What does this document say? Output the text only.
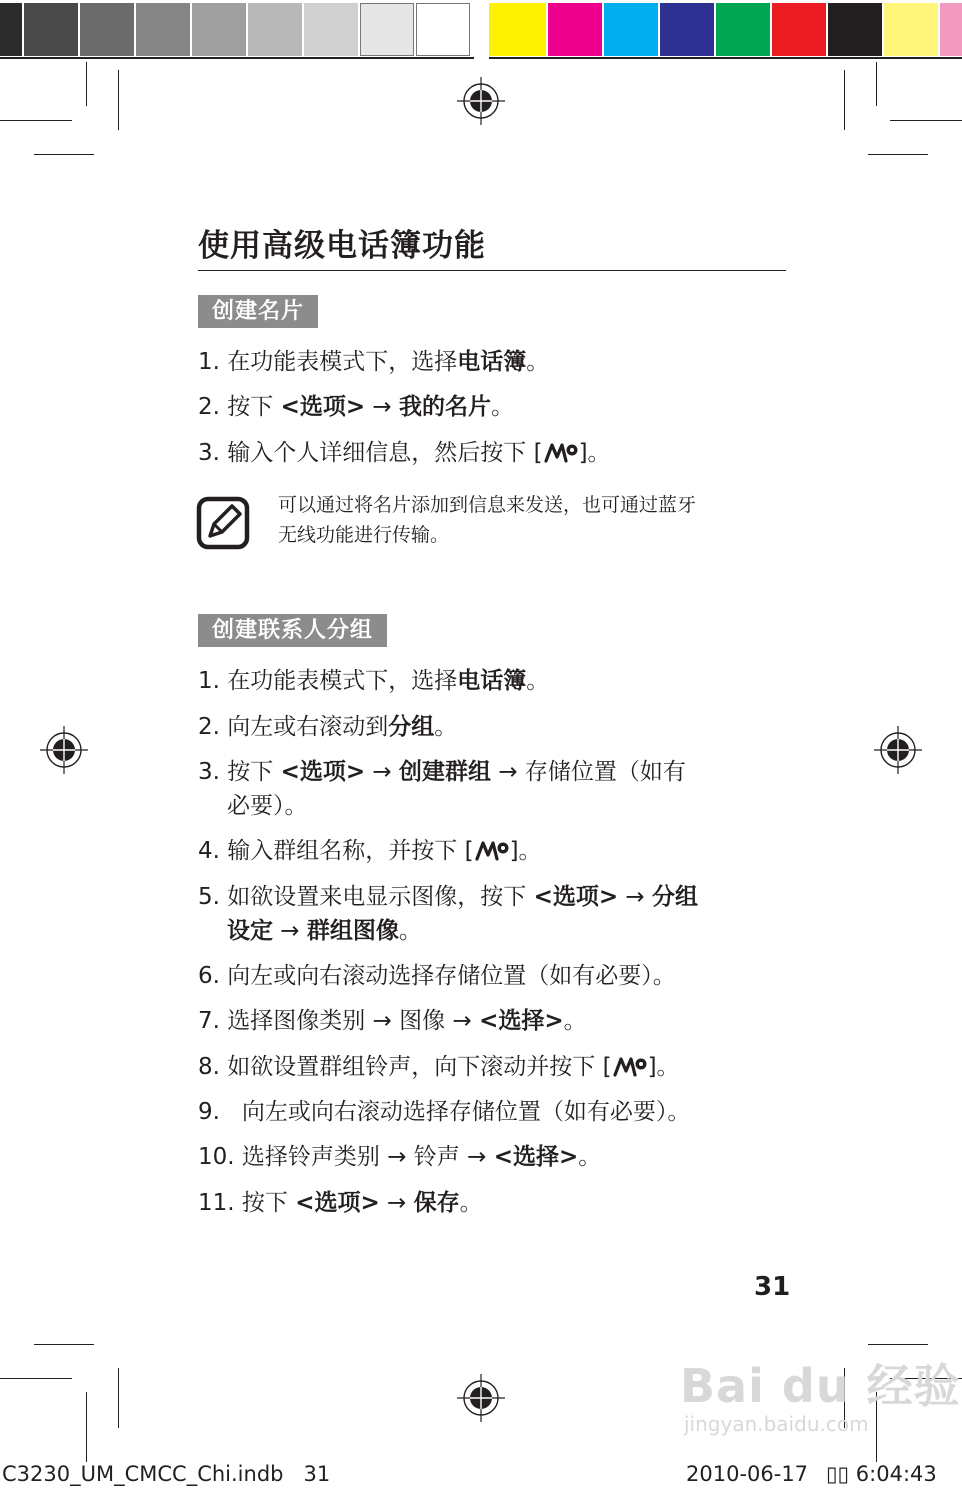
使用高级电话簿功能
创建名片
1. 在功能表模式下，选择电话簿。
2. 按下 <选项> → 我的名片。
3. 输入个人详细信息，然后按下 [ ]。
可以通过将名片添加到信息来发送，也可通过蓝牙
无线功能进行传输。
创建联系人分组
1. 在功能表模式下，选择电话簿。
2. 向左或右滚动到分组。
3. 按下 <选项> → 创建群组 → 存储位置（如有
必要）。
4. 输入群组名称，并按下 [ ]。
5. 如欲设置来电显示图像，按下 <选项> → 分组
设定 → 群组图像。
6. 向左或向右滚动选择存储位置（如有必要）。
7. 选择图像类别 → 图像 → <选择>。
8. 如欲设置群组铃声，向下滚动并按下 [ ]。
9.   向左或向右滚动选择存储位置（如有必要）。
10. 选择铃声类别 → 铃声 → <选择>。
11. 按下 <选项> → 保存。
31
Bai du 经验
jingyan.baidu.com
C3230_UM_CMCC_Chi.indb   31	2010-06-17 ▯▯ 6:04:43
